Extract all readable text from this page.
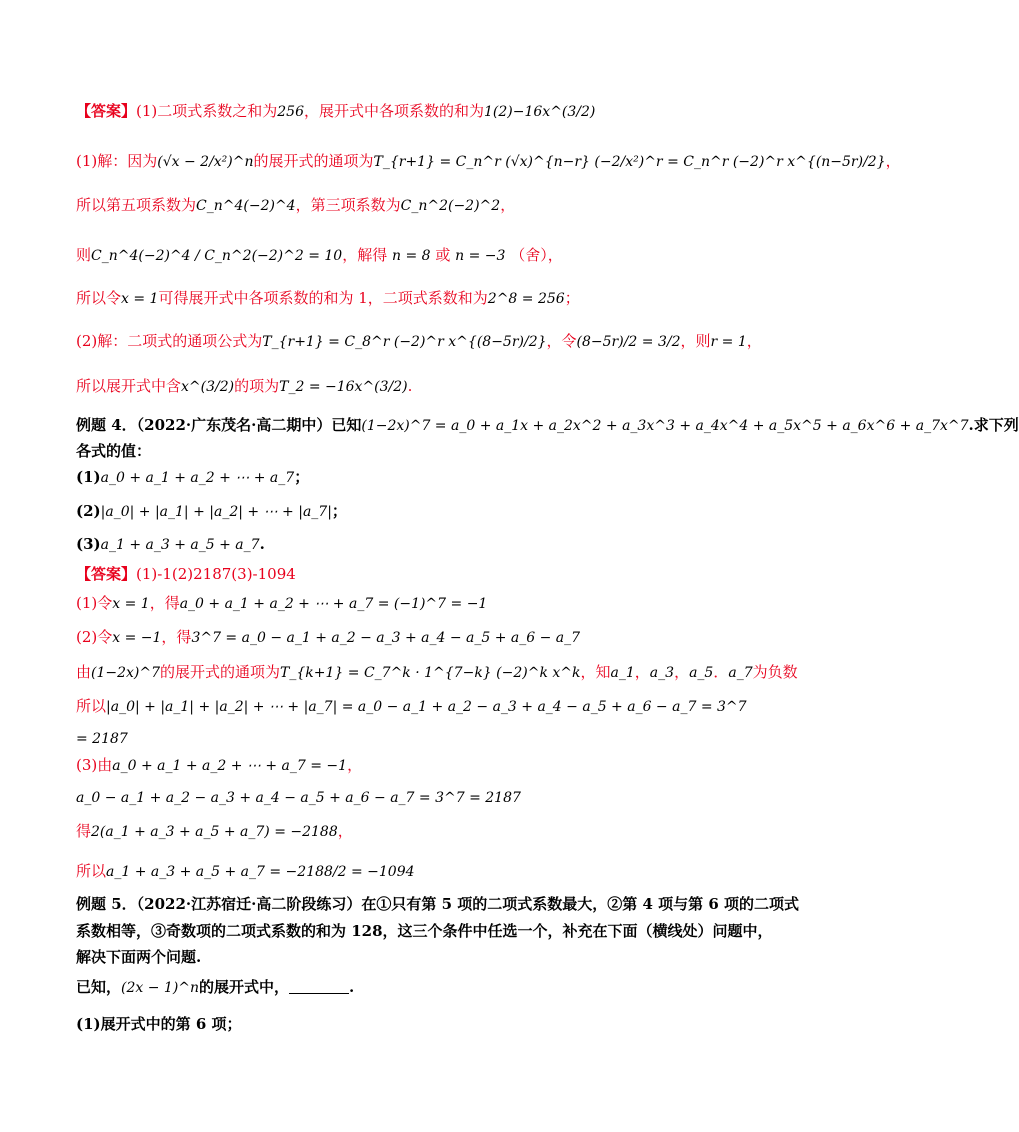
【答案】(1)二项式系数之和为256，展开式中各项系数的和为1(2)−16x^(3/2)
(1)解：因为(√x − 2/x²)^n的展开式的通项为T_{r+1} = C_n^r (√x)^{n−r} (−2/x²)^r = C_n^r (−2)^r x^{(n−5r)/2}，
所以第五项系数为C_n^4(−2)^4，第三项系数为C_n^2(−2)^2，
则C_n^4(−2)^4 / C_n^2(−2)^2 = 10，解得 n = 8 或 n = −3 （舍），
所以令x = 1可得展开式中各项系数的和为 1，二项式系数和为2^8 = 256；
(2)解：二项式的通项公式为T_{r+1} = C_8^r (−2)^r x^{(8−5r)/2}，令(8−5r)/2 = 3/2，则r = 1，
所以展开式中含x^(3/2)的项为T_2 = −16x^(3/2).
例题 4．（2022·广东茂名·高二期中）已知(1−2x)^7 = a_0 + a_1x + a_2x^2 + a_3x^3 + a_4x^4 + a_5x^5 + a_6x^6 + a_7x^7.求下列
各式的值：
(1)a_0 + a_1 + a_2 + ⋯ + a_7；
(2)|a_0| + |a_1| + |a_2| + ⋯ + |a_7|；
(3)a_1 + a_3 + a_5 + a_7.
【答案】(1)-1(2)2187(3)-1094
(1)令x = 1，得a_0 + a_1 + a_2 + ⋯ + a_7 = (−1)^7 = −1
(2)令x = −1，得3^7 = a_0 − a_1 + a_2 − a_3 + a_4 − a_5 + a_6 − a_7
由(1−2x)^7的展开式的通项为T_{k+1} = C_7^k · 1^{7−k} (−2)^k x^k，知a_1，a_3，a_5．a_7为负数
所以|a_0| + |a_1| + |a_2| + ⋯ + |a_7| = a_0 − a_1 + a_2 − a_3 + a_4 − a_5 + a_6 − a_7 = 3^7
= 2187
(3)由a_0 + a_1 + a_2 + ⋯ + a_7 = −1，
a_0 − a_1 + a_2 − a_3 + a_4 − a_5 + a_6 − a_7 = 3^7 = 2187
得2(a_1 + a_3 + a_5 + a_7) = −2188，
所以a_1 + a_3 + a_5 + a_7 = −2188/2 = −1094
例题 5．（2022·江苏宿迁·高二阶段练习）在①只有第 5 项的二项式系数最大，②第 4 项与第 6 项的二项式
系数相等，③奇数项的二项式系数的和为 128，这三个条件中任选一个，补充在下面（横线处）问题中，
解决下面两个问题.
已知，(2x − 1)^n的展开式中，	.
(1)展开式中的第 6 项；
